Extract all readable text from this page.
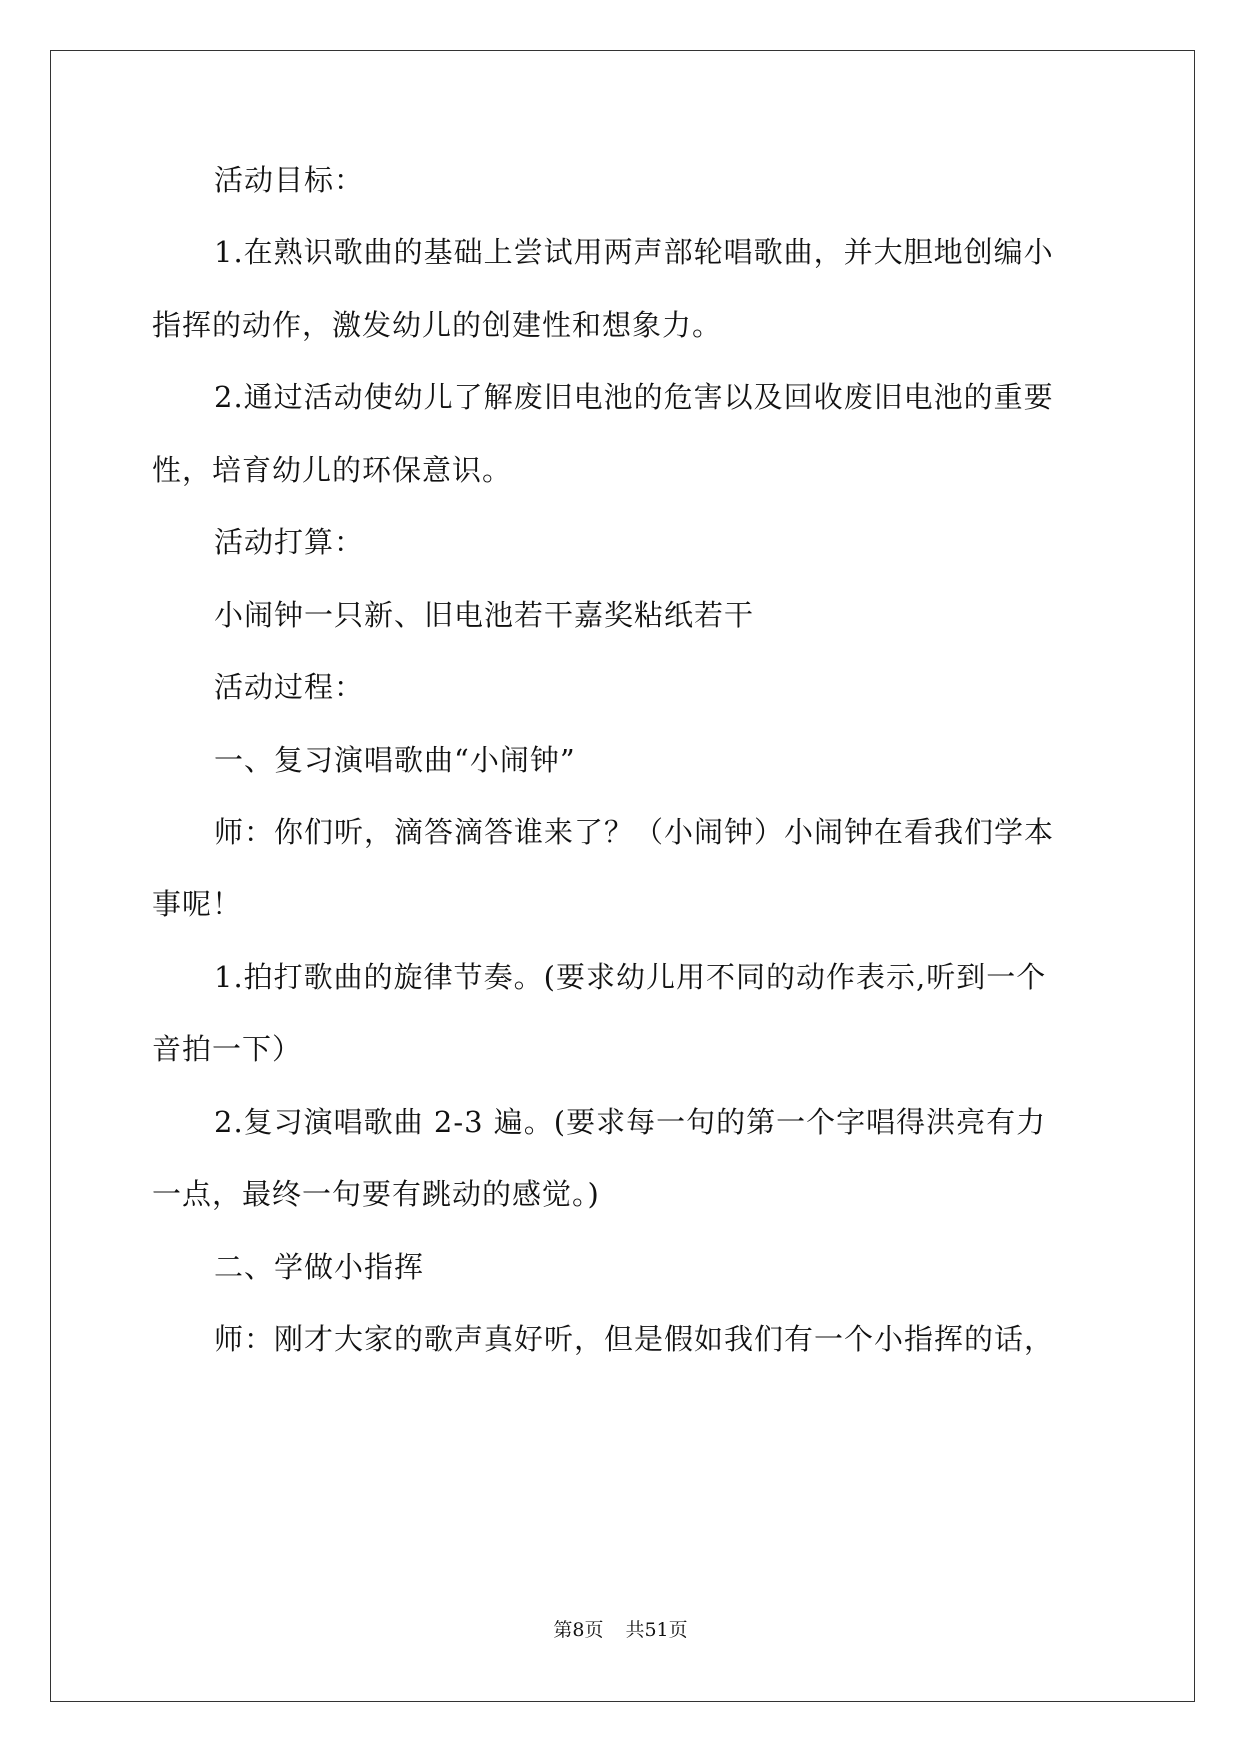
活动目标：
1.在熟识歌曲的基础上尝试用两声部轮唱歌曲，并大胆地创编小
指挥的动作，激发幼儿的创建性和想象力。
2.通过活动使幼儿了解废旧电池的危害以及回收废旧电池的重要
性，培育幼儿的环保意识。
活动打算：
小闹钟一只新、旧电池若干嘉奖粘纸若干
活动过程：
一、复习演唱歌曲“小闹钟”
师：你们听，滴答滴答谁来了？（小闹钟）小闹钟在看我们学本
事呢！
1.拍打歌曲的旋律节奏。(要求幼儿用不同的动作表示,听到一个
音拍一下）
2.复习演唱歌曲 2-3 遍。(要求每一句的第一个字唱得洪亮有力
一点，最终一句要有跳动的感觉。)
二、学做小指挥
师：刚才大家的歌声真好听，但是假如我们有一个小指挥的话，
第8页 共51页
